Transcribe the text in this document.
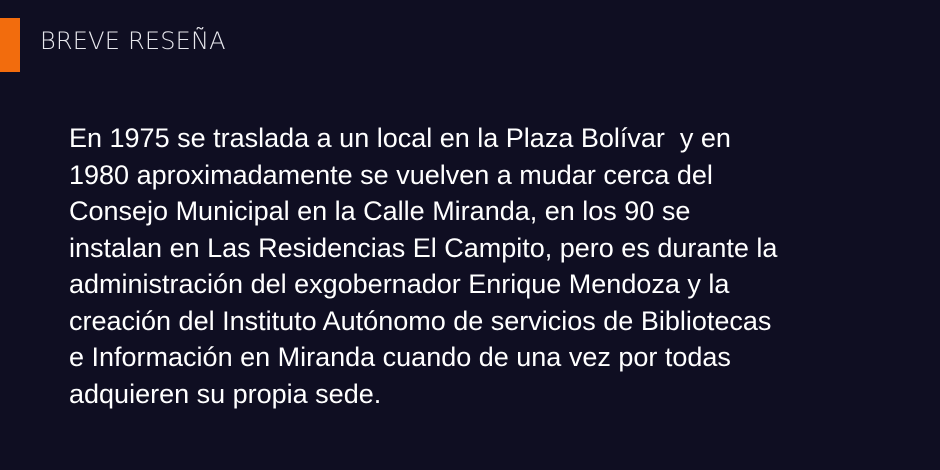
BREVE RESEÑA

En 1975 se traslada a un local en la Plaza Bolívar  y en
1980 aproximadamente se vuelven a mudar cerca del
Consejo Municipal en la Calle Miranda, en los 90 se
instalan en Las Residencias El Campito, pero es durante la
administración del exgobernador Enrique Mendoza y la
creación del Instituto Autónomo de servicios de Bibliotecas
e Información en Miranda cuando de una vez por todas
adquieren su propia sede.
